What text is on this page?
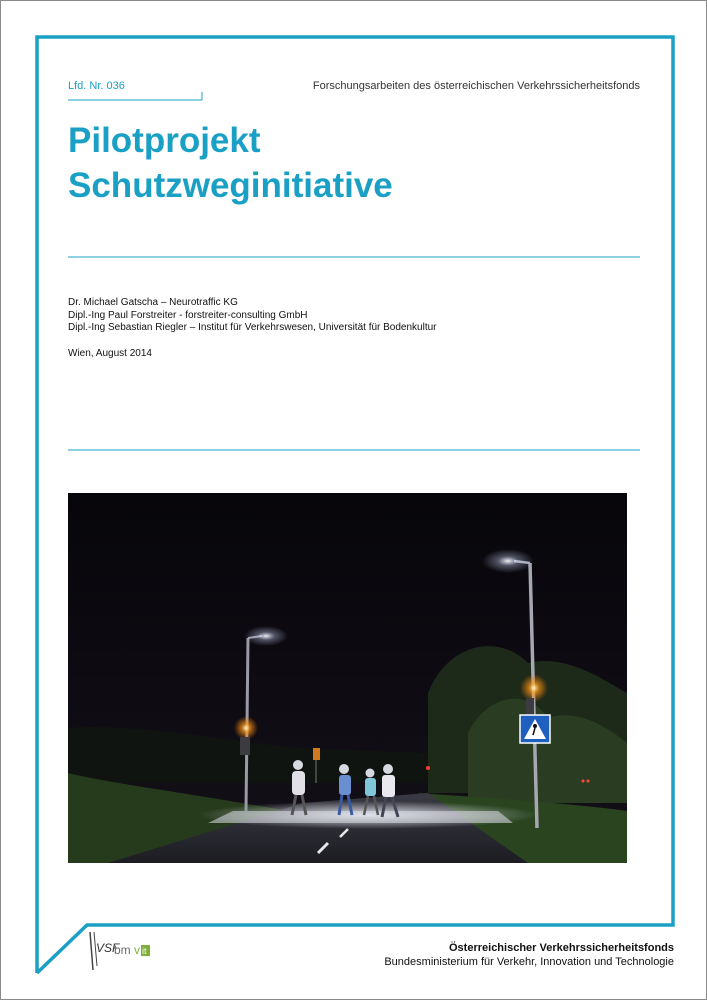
Lfd. Nr. 036	Forschungsarbeiten des österreichischen Verkehrssicherheitsfonds
Pilotprojekt
Schutzweginitiative
Dr. Michael Gatscha – Neurotraffic KG
Dipl.-Ing Paul Forstreiter - forstreiter-consulting GmbH
Dipl.-Ing Sebastian Riegler – Institut für Verkehrswesen, Universität für Bodenkultur
Wien, August 2014
Österreichischer Verkehrssicherheitsfonds
Bundesministerium für Verkehr, Innovation und Technologie
VSF
bm v it
